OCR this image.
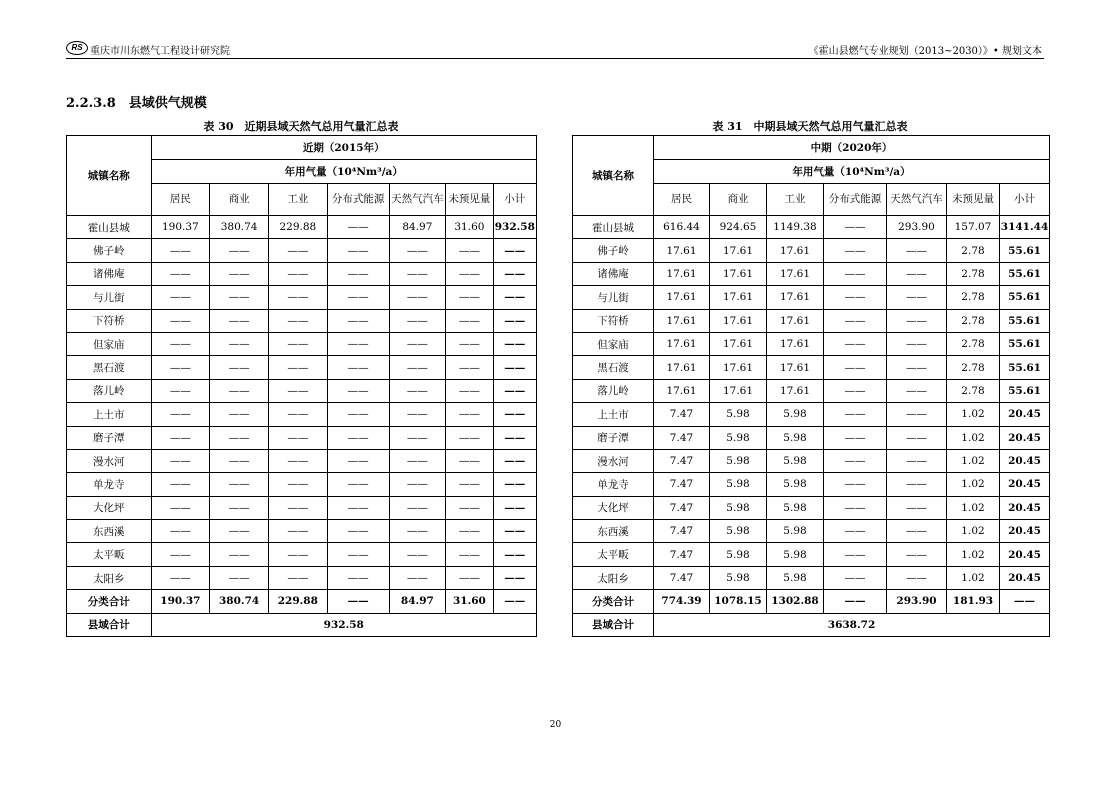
RS 重庆市川东燃气工程设计研究院	《霍山县燃气专业规划（2013~2030）》• 规划文本
2.2.3.8　县域供气规模
表 30　近期县域天然气总用气量汇总表	表 31　中期县域天然气总用气量汇总表
城镇名称	近期（2015年）						
	年用气量（10⁴Nm³/a）						
	居民	商业	工业	分布式能源	天然气汽车	未预见量	小计
霍山县城	190.37	380.74	229.88	——	84.97	31.60	932.58
佛子岭	——	——	——	——	——	——	——
诸佛庵	——	——	——	——	——	——	——
与儿街	——	——	——	——	——	——	——
下符桥	——	——	——	——	——	——	——
但家庙	——	——	——	——	——	——	——
黑石渡	——	——	——	——	——	——	——
落儿岭	——	——	——	——	——	——	——
上土市	——	——	——	——	——	——	——
磨子潭	——	——	——	——	——	——	——
漫水河	——	——	——	——	——	——	——
单龙寺	——	——	——	——	——	——	——
大化坪	——	——	——	——	——	——	——
东西溪	——	——	——	——	——	——	——
太平畈	——	——	——	——	——	——	——
太阳乡	——	——	——	——	——	——	——
分类合计	190.37	380.74	229.88	——	84.97	31.60	——
县域合计	932.58						
城镇名称	中期（2020年）						
	年用气量（10⁴Nm³/a）						
	居民	商业	工业	分布式能源	天然气汽车	未预见量	小计
霍山县城	616.44	924.65	1149.38	——	293.90	157.07	3141.44
佛子岭	17.61	17.61	17.61	——	——	2.78	55.61
诸佛庵	17.61	17.61	17.61	——	——	2.78	55.61
与儿街	17.61	17.61	17.61	——	——	2.78	55.61
下符桥	17.61	17.61	17.61	——	——	2.78	55.61
但家庙	17.61	17.61	17.61	——	——	2.78	55.61
黑石渡	17.61	17.61	17.61	——	——	2.78	55.61
落儿岭	17.61	17.61	17.61	——	——	2.78	55.61
上土市	7.47	5.98	5.98	——	——	1.02	20.45
磨子潭	7.47	5.98	5.98	——	——	1.02	20.45
漫水河	7.47	5.98	5.98	——	——	1.02	20.45
单龙寺	7.47	5.98	5.98	——	——	1.02	20.45
大化坪	7.47	5.98	5.98	——	——	1.02	20.45
东西溪	7.47	5.98	5.98	——	——	1.02	20.45
太平畈	7.47	5.98	5.98	——	——	1.02	20.45
太阳乡	7.47	5.98	5.98	——	——	1.02	20.45
分类合计	774.39	1078.15	1302.88	——	293.90	181.93	——
县域合计	3638.72						
20
